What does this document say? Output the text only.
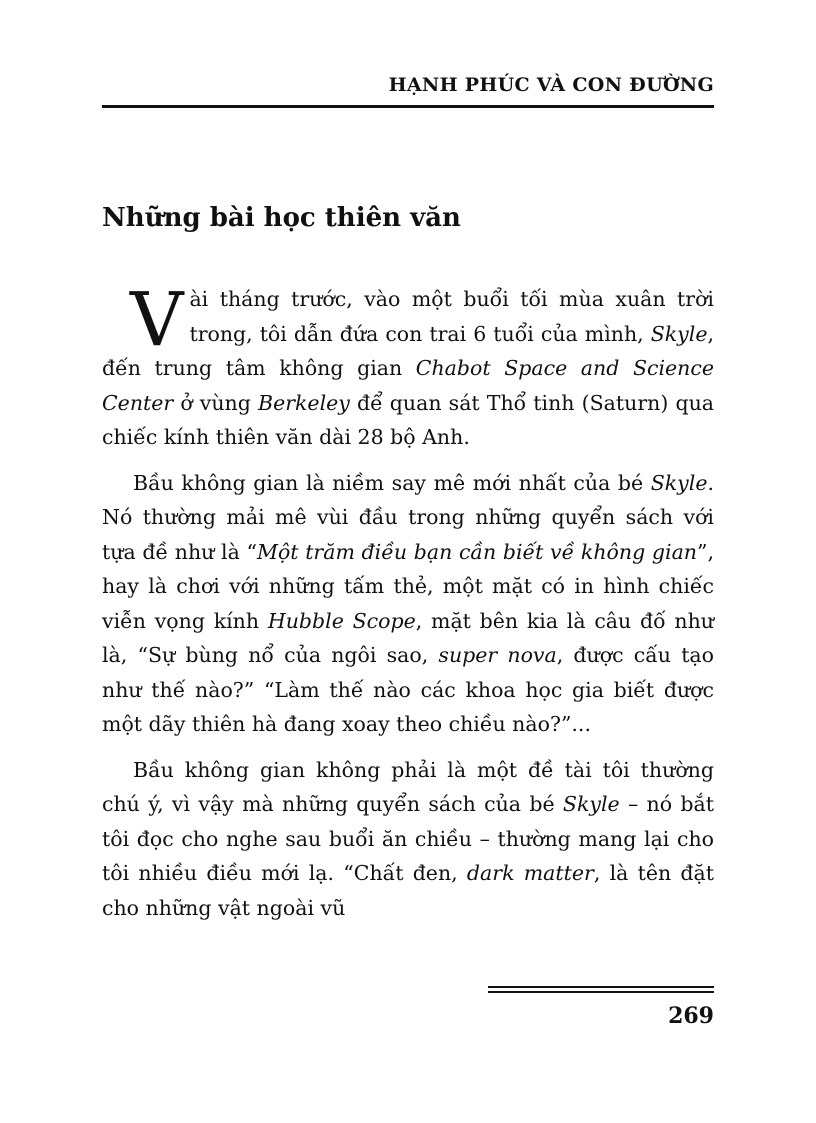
HẠNH PHÚC VÀ CON ĐƯỜNG
Những bài học thiên văn

Vài tháng trước, vào một buổi tối mùa xuân trời trong, tôi dẫn đứa con trai 6 tuổi của mình, Skyle, đến trung tâm không gian Chabot Space and Science Center ở vùng Berkeley để quan sát Thổ tinh (Saturn) qua chiếc kính thiên văn dài 28 bộ Anh.

Bầu không gian là niềm say mê mới nhất của bé Skyle. Nó thường mải mê vùi đầu trong những quyển sách với tựa đề như là “Một trăm điều bạn cần biết về không gian”, hay là chơi với những tấm thẻ, một mặt có in hình chiếc viễn vọng kính Hubble Scope, mặt bên kia là câu đố như là, “Sự bùng nổ của ngôi sao, super nova, được cấu tạo như thế nào?” “Làm thế nào các khoa học gia biết được một dãy thiên hà đang xoay theo chiều nào?”...

Bầu không gian không phải là một đề tài tôi thường chú ý, vì vậy mà những quyển sách của bé Skyle – nó bắt tôi đọc cho nghe sau buổi ăn chiều – thường mang lại cho tôi nhiều điều mới lạ. “Chất đen, dark matter, là tên đặt cho những vật ngoài vũ

269
